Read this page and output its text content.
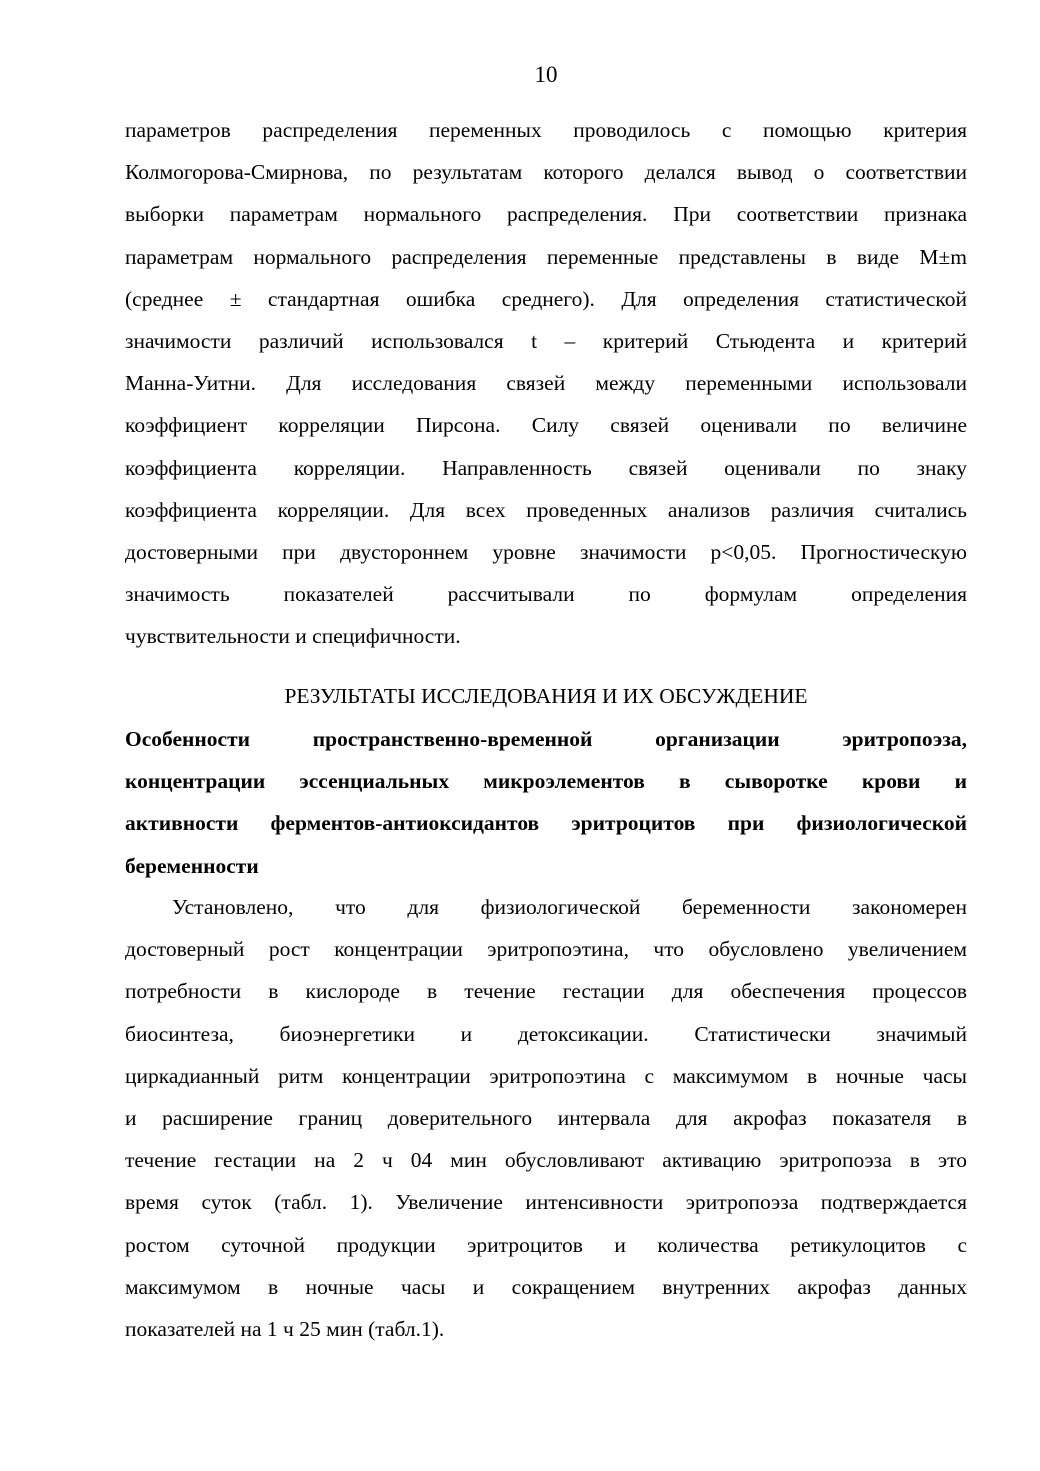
10
параметров распределения переменных проводилось с помощью критерия
Колмогорова-Смирнова, по результатам которого делался вывод о соответствии
выборки параметрам нормального распределения. При соответствии признака
параметрам нормального распределения переменные представлены в виде M±m
(среднее ± стандартная ошибка среднего). Для определения статистической
значимости различий использовался t – критерий Стьюдента и критерий
Манна-Уитни. Для исследования связей между переменными использовали
коэффициент корреляции Пирсона. Силу связей оценивали по величине
коэффициента корреляции. Направленность связей оценивали по знаку
коэффициента корреляции. Для всех проведенных анализов различия считались
достоверными при двустороннем уровне значимости p<0,05. Прогностическую
значимость показателей рассчитывали по формулам определения
чувствительности и специфичности.
РЕЗУЛЬТАТЫ ИССЛЕДОВАНИЯ И ИХ ОБСУЖДЕНИЕ
Особенности пространственно-временной организации эритропоэза,
концентрации эссенциальных микроэлементов в сыворотке крови и
активности ферментов-антиоксидантов эритроцитов при физиологической
беременности
Установлено, что для физиологической беременности закономерен
достоверный рост концентрации эритропоэтина, что обусловлено увеличением
потребности в кислороде в течение гестации для обеспечения процессов
биосинтеза, биоэнергетики и детоксикации. Статистически значимый
циркадианный ритм концентрации эритропоэтина с максимумом в ночные часы
и расширение границ доверительного интервала для акрофаз показателя в
течение гестации на 2 ч 04 мин обусловливают активацию эритропоэза в это
время суток (табл. 1). Увеличение интенсивности эритропоэза подтверждается
ростом суточной продукции эритроцитов и количества ретикулоцитов с
максимумом в ночные часы и сокращением внутренних акрофаз данных
показателей на 1 ч 25 мин (табл.1).
